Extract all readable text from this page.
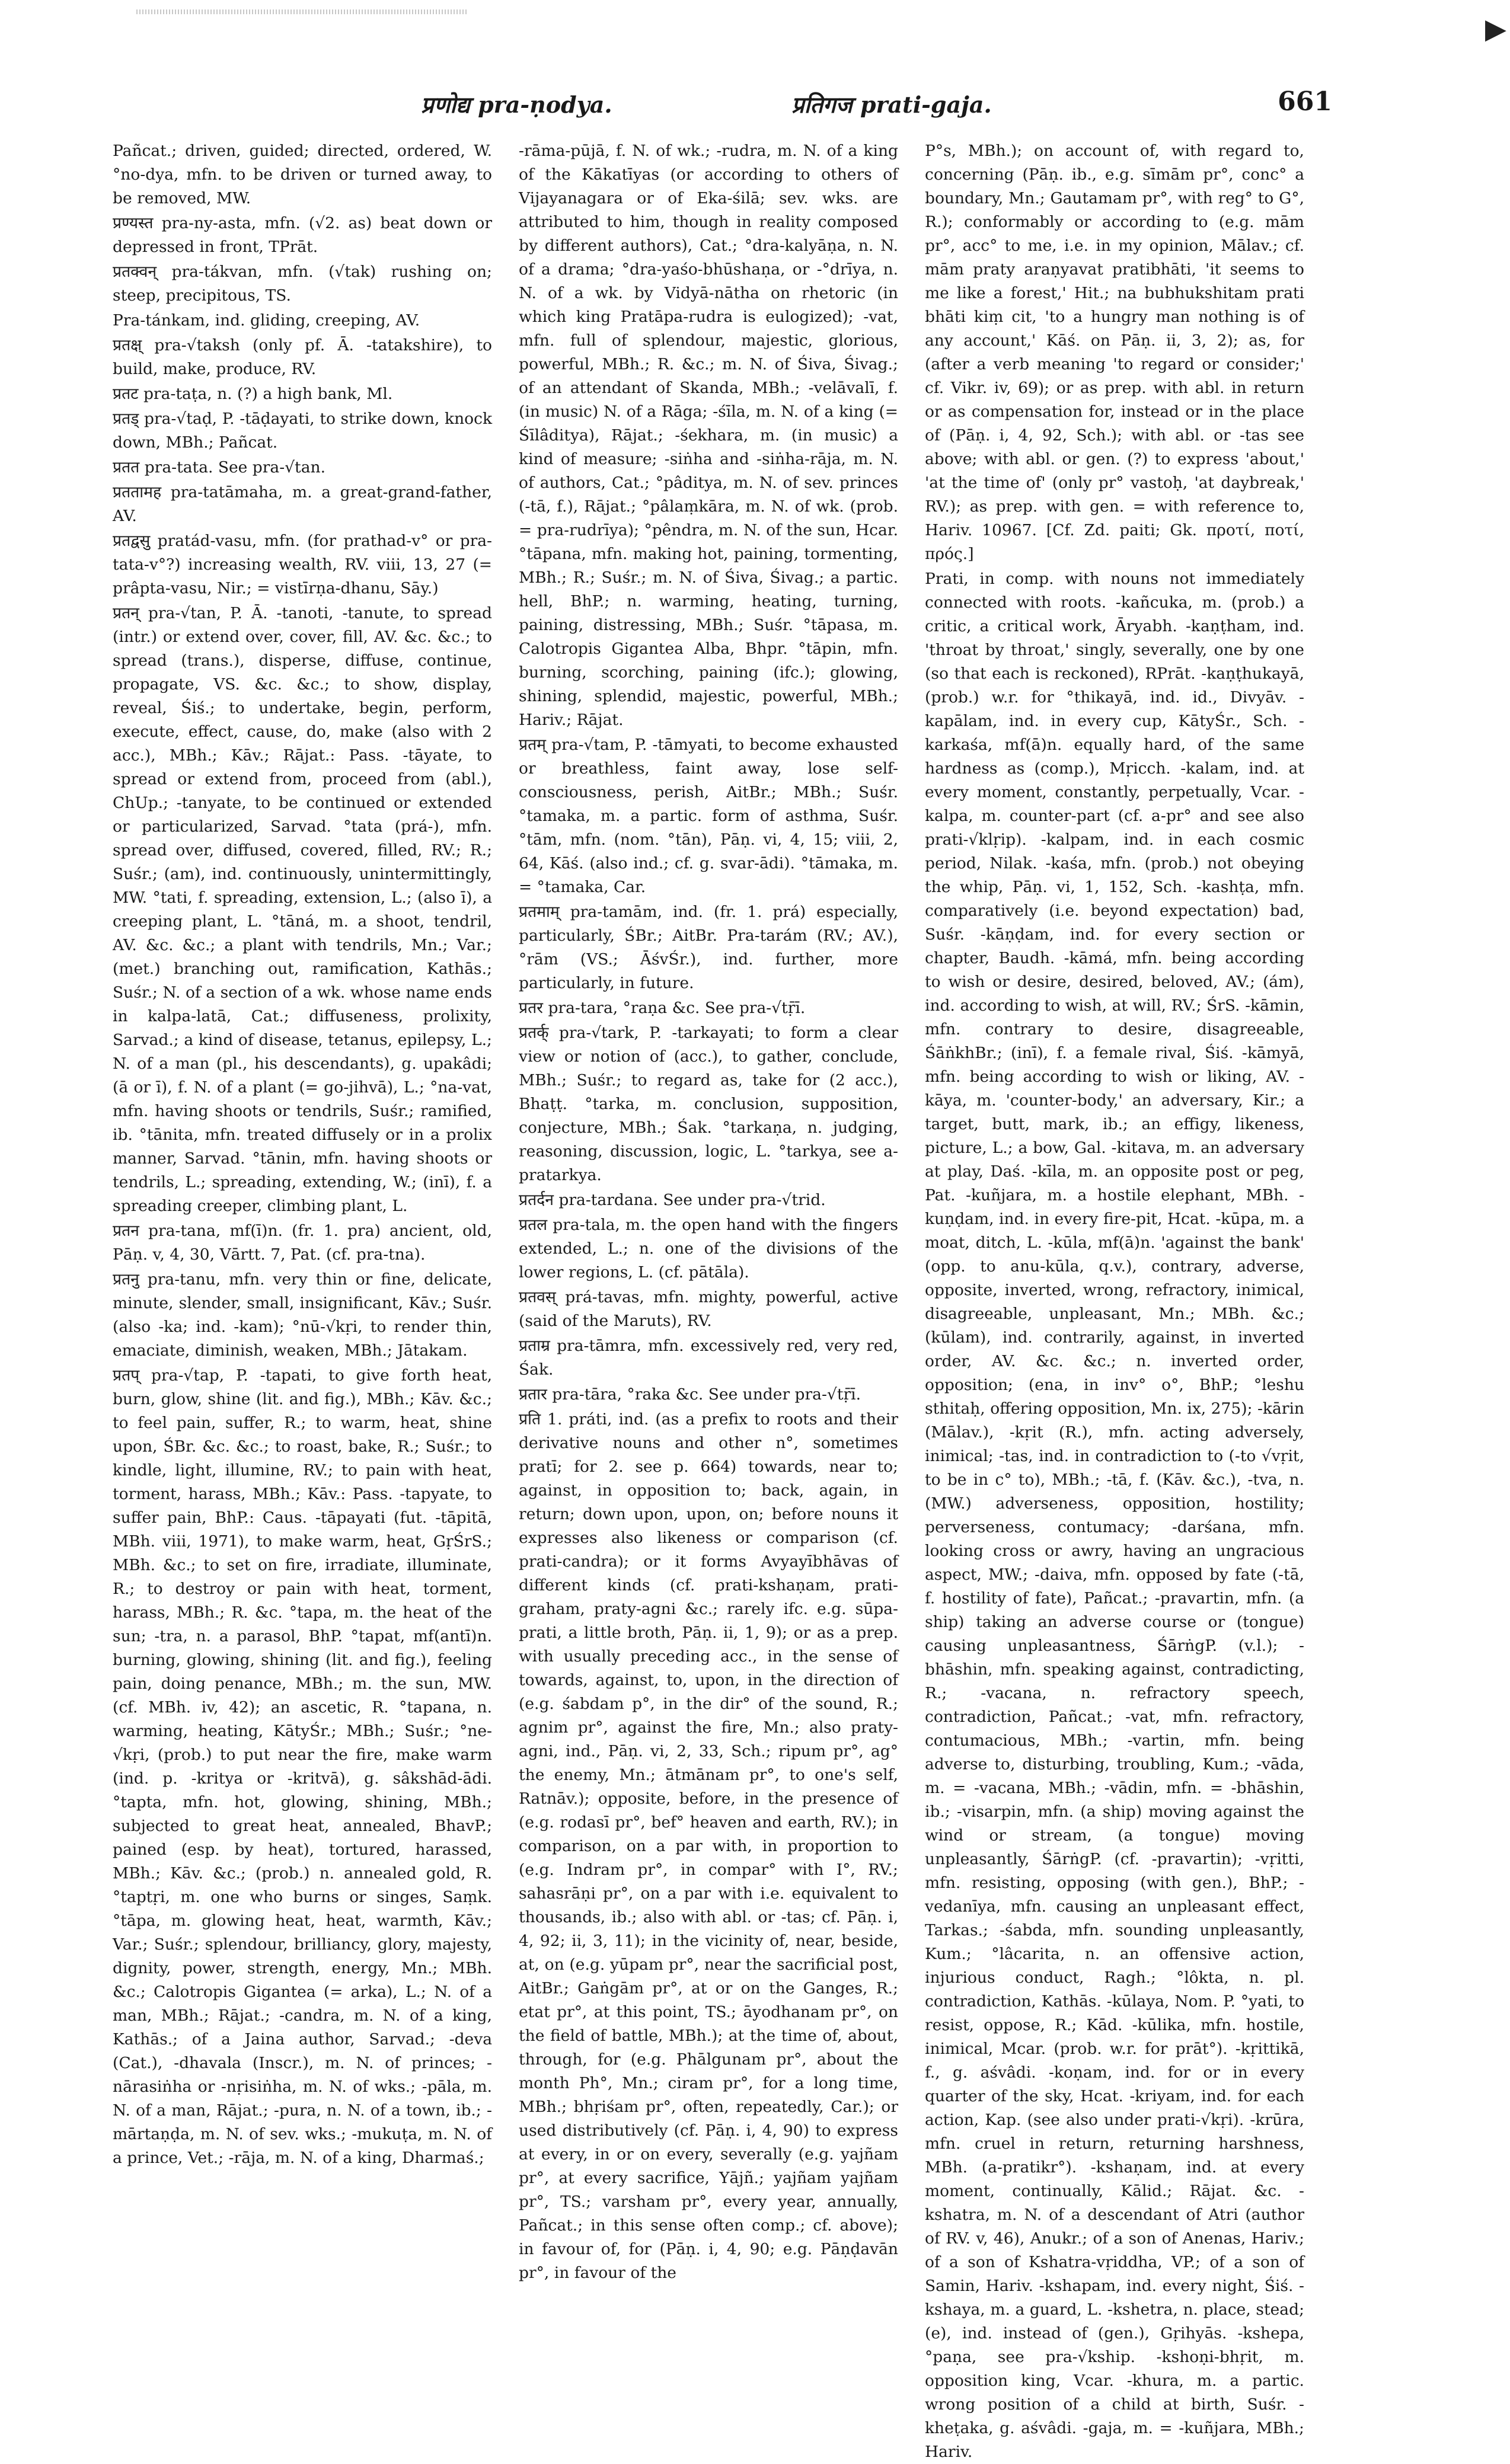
▸
प्रणोद्य pra-ṇodya.	प्रतिगज prati-gaja.	661

Pañcat.; driven, guided; directed, ordered, W. °no-dya, mfn. to be driven or turned away, to be removed, MW.

प्रण्यस्त pra-ny-asta, mfn. (√2. as) beat down or depressed in front, TPrāt.

प्रतक्वन् pra-tákvan, mfn. (√tak) rushing on; steep, precipitous, TS.

Pra-tánkam, ind. gliding, creeping, AV.

प्रतक्ष् pra-√taksh (only pf. Ā. -tatakshire), to build, make, produce, RV.

प्रतट pra-taṭa, n. (?) a high bank, Ml.

प्रतड् pra-√taḍ, P. -tāḍayati, to strike down, knock down, MBh.; Pañcat.

प्रतत pra-tata. See pra-√tan.

प्रततामह pra-tatāmaha, m. a great-grand-father, AV.

प्रतद्वसु pratád-vasu, mfn. (for prathad-v° or pra-tata-v°?) increasing wealth, RV. viii, 13, 27 (= prâpta-vasu, Nir.; = vistīrṇa-dhanu, Sāy.)

प्रतन् pra-√tan, P. Ā. -tanoti, -tanute, to spread (intr.) or extend over, cover, fill, AV. &c. &c.; to spread (trans.), disperse, diffuse, continue, propagate, VS. &c. &c.; to show, display, reveal, Śiś.; to undertake, begin, perform, execute, effect, cause, do, make (also with 2 acc.), MBh.; Kāv.; Rājat.: Pass. -tāyate, to spread or extend from, proceed from (abl.), ChUp.; -tanyate, to be continued or extended or particularized, Sarvad. °tata (prá-), mfn. spread over, diffused, covered, filled, RV.; R.; Suśr.; (am), ind. continuously, unintermittingly, MW. °tati, f. spreading, extension, L.; (also ī), a creeping plant, L. °tāná, m. a shoot, tendril, AV. &c. &c.; a plant with tendrils, Mn.; Var.; (met.) branching out, ramification, Kathās.; Suśr.; N. of a section of a wk. whose name ends in kalpa-latā, Cat.; diffuseness, prolixity, Sarvad.; a kind of disease, tetanus, epilepsy, L.; N. of a man (pl., his descendants), g. upakâdi; (ā or ī), f. N. of a plant (= go-jihvā), L.; °na-vat, mfn. having shoots or tendrils, Suśr.; ramified, ib. °tānita, mfn. treated diffusely or in a prolix manner, Sarvad. °tānin, mfn. having shoots or tendrils, L.; spreading, extending, W.; (inī), f. a spreading creeper, climbing plant, L.

प्रतन pra-tana, mf(ī)n. (fr. 1. pra) ancient, old, Pāṇ. v, 4, 30, Vārtt. 7, Pat. (cf. pra-tna).

प्रतनु pra-tanu, mfn. very thin or fine, delicate, minute, slender, small, insignificant, Kāv.; Suśr. (also -ka; ind. -kam); °nū-√kṛi, to render thin, emaciate, diminish, weaken, MBh.; Jātakam.

प्रतप् pra-√tap, P. -tapati, to give forth heat, burn, glow, shine (lit. and fig.), MBh.; Kāv. &c.; to feel pain, suffer, R.; to warm, heat, shine upon, ŚBr. &c. &c.; to roast, bake, R.; Suśr.; to kindle, light, illumine, RV.; to pain with heat, torment, harass, MBh.; Kāv.: Pass. -tapyate, to suffer pain, BhP.: Caus. -tāpayati (fut. -tāpitā, MBh. viii, 1971), to make warm, heat, GṛŚrS.; MBh. &c.; to set on fire, irradiate, illuminate, R.; to destroy or pain with heat, torment, harass, MBh.; R. &c. °tapa, m. the heat of the sun; -tra, n. a parasol, BhP. °tapat, mf(antī)n. burning, glowing, shining (lit. and fig.), feeling pain, doing penance, MBh.; m. the sun, MW. (cf. MBh. iv, 42); an ascetic, R. °tapana, n. warming, heating, KātyŚr.; MBh.; Suśr.; °ne-√kṛi, (prob.) to put near the fire, make warm (ind. p. -kritya or -kritvā), g. sâkshād-ādi. °tapta, mfn. hot, glowing, shining, MBh.; subjected to great heat, annealed, BhavP.; pained (esp. by heat), tortured, harassed, MBh.; Kāv. &c.; (prob.) n. annealed gold, R. °taptṛi, m. one who burns or singes, Saṃk. °tāpa, m. glowing heat, heat, warmth, Kāv.; Var.; Suśr.; splendour, brilliancy, glory, majesty, dignity, power, strength, energy, Mn.; MBh. &c.; Calotropis Gigantea (= arka), L.; N. of a man, MBh.; Rājat.; -candra, m. N. of a king, Kathās.; of a Jaina author, Sarvad.; -deva (Cat.), -dhavala (Inscr.), m. N. of princes; -nārasiṅha or -nṛisiṅha, m. N. of wks.; -pāla, m. N. of a man, Rājat.; -pura, n. N. of a town, ib.; -mārtaṇḍa, m. N. of sev. wks.; -mukuṭa, m. N. of a prince, Vet.; -rāja, m. N. of a king, Dharmaś.;

-rāma-pūjā, f. N. of wk.; -rudra, m. N. of a king of the Kākatīyas (or according to others of Vijayanagara or of Eka-śilā; sev. wks. are attributed to him, though in reality composed by different authors), Cat.; °dra-kalyāṇa, n. N. of a drama; °dra-yaśo-bhūshaṇa, or -°drīya, n. N. of a wk. by Vidyā-nātha on rhetoric (in which king Pratāpa-rudra is eulogized); -vat, mfn. full of splendour, majestic, glorious, powerful, MBh.; R. &c.; m. N. of Śiva, Śivag.; of an attendant of Skanda, MBh.; -velāvalī, f. (in music) N. of a Rāga; -śīla, m. N. of a king (= Śīlâditya), Rājat.; -śekhara, m. (in music) a kind of measure; -siṅha and -siṅha-rāja, m. N. of authors, Cat.; °pâditya, m. N. of sev. princes (-tā, f.), Rājat.; °pâlaṃkāra, m. N. of wk. (prob. = pra-rudrīya); °pêndra, m. N. of the sun, Hcar. °tāpana, mfn. making hot, paining, tormenting, MBh.; R.; Suśr.; m. N. of Śiva, Śivag.; a partic. hell, BhP.; n. warming, heating, turning, paining, distressing, MBh.; Suśr. °tāpasa, m. Calotropis Gigantea Alba, Bhpr. °tāpin, mfn. burning, scorching, paining (ifc.); glowing, shining, splendid, majestic, powerful, MBh.; Hariv.; Rājat.

प्रतम् pra-√tam, P. -tāmyati, to become exhausted or breathless, faint away, lose self-consciousness, perish, AitBr.; MBh.; Suśr. °tamaka, m. a partic. form of asthma, Suśr. °tām, mfn. (nom. °tān), Pāṇ. vi, 4, 15; viii, 2, 64, Kāś. (also ind.; cf. g. svar-ādi). °tāmaka, m. = °tamaka, Car.

प्रतमाम् pra-tamām, ind. (fr. 1. prá) especially, particularly, ŚBr.; AitBr. Pra-tarám (RV.; AV.), °rām (VS.; ĀśvŚr.), ind. further, more particularly, in future.

प्रतर pra-tara, °raṇa &c. See pra-√tṝī.

प्रतर्क् pra-√tark, P. -tarkayati; to form a clear view or notion of (acc.), to gather, conclude, MBh.; Suśr.; to regard as, take for (2 acc.), Bhaṭṭ. °tarka, m. conclusion, supposition, conjecture, MBh.; Śak. °tarkaṇa, n. judging, reasoning, discussion, logic, L. °tarkya, see a-pratarkya.

प्रतर्दन pra-tardana. See under pra-√trid.

प्रतल pra-tala, m. the open hand with the fingers extended, L.; n. one of the divisions of the lower regions, L. (cf. pātāla).

प्रतवस् prá-tavas, mfn. mighty, powerful, active (said of the Maruts), RV.

प्रताम्र pra-tāmra, mfn. excessively red, very red, Śak.

प्रतार pra-tāra, °raka &c. See under pra-√tṝī.

प्रति 1. práti, ind. (as a prefix to roots and their derivative nouns and other n°, sometimes pratī; for 2. see p. 664) towards, near to; against, in opposition to; back, again, in return; down upon, upon, on; before nouns it expresses also likeness or comparison (cf. prati-candra); or it forms Avyayībhāvas of different kinds (cf. prati-kshaṇam, prati-graham, praty-agni &c.; rarely ifc. e.g. sūpa-prati, a little broth, Pāṇ. ii, 1, 9); or as a prep. with usually preceding acc., in the sense of towards, against, to, upon, in the direction of (e.g. śabdam p°, in the dir° of the sound, R.; agnim pr°, against the fire, Mn.; also praty-agni, ind., Pāṇ. vi, 2, 33, Sch.; ripum pr°, ag° the enemy, Mn.; ātmānam pr°, to one's self, Ratnāv.); opposite, before, in the presence of (e.g. rodasī pr°, bef° heaven and earth, RV.); in comparison, on a par with, in proportion to (e.g. Indram pr°, in compar° with I°, RV.; sahasrāṇi pr°, on a par with i.e. equivalent to thousands, ib.; also with abl. or -tas; cf. Pāṇ. i, 4, 92; ii, 3, 11); in the vicinity of, near, beside, at, on (e.g. yūpam pr°, near the sacrificial post, AitBr.; Gaṅgām pr°, at or on the Ganges, R.; etat pr°, at this point, TS.; āyodhanam pr°, on the field of battle, MBh.); at the time of, about, through, for (e.g. Phālgunam pr°, about the month Ph°, Mn.; ciram pr°, for a long time, MBh.; bhṛiśam pr°, often, repeatedly, Car.); or used distributively (cf. Pāṇ. i, 4, 90) to express at every, in or on every, severally (e.g. yajñam pr°, at every sacrifice, Yājñ.; yajñam yajñam pr°, TS.; varsham pr°, every year, annually, Pañcat.; in this sense often comp.; cf. above); in favour of, for (Pāṇ. i, 4, 90; e.g. Pāṇḍavān pr°, in favour of the

P°s, MBh.); on account of, with regard to, concerning (Pāṇ. ib., e.g. sīmām pr°, conc° a boundary, Mn.; Gautamam pr°, with reg° to G°, R.); conformably or according to (e.g. mām pr°, acc° to me, i.e. in my opinion, Mālav.; cf. mām praty araṇyavat pratibhāti, 'it seems to me like a forest,' Hit.; na bubhukshitam prati bhāti kiṃ cit, 'to a hungry man nothing is of any account,' Kāś. on Pāṇ. ii, 3, 2); as, for (after a verb meaning 'to regard or consider;' cf. Vikr. iv, 69); or as prep. with abl. in return or as compensation for, instead or in the place of (Pāṇ. i, 4, 92, Sch.); with abl. or -tas see above; with abl. or gen. (?) to express 'about,' 'at the time of' (only pr° vastoḥ, 'at daybreak,' RV.); as prep. with gen. = with reference to, Hariv. 10967. [Cf. Zd. paiti; Gk. προτί, ποτί, πρός.]

Prati, in comp. with nouns not immediately connected with roots. -kañcuka, m. (prob.) a critic, a critical work, Āryabh. -kaṇṭham, ind. 'throat by throat,' singly, severally, one by one (so that each is reckoned), RPrāt. -kaṇṭhukayā, (prob.) w.r. for °thikayā, ind. id., Divyāv. -kapālam, ind. in every cup, KātyŚr., Sch. -karkaśa, mf(ā)n. equally hard, of the same hardness as (comp.), Mṛicch. -kalam, ind. at every moment, constantly, perpetually, Vcar. -kalpa, m. counter-part (cf. a-pr° and see also prati-√klṛip). -kalpam, ind. in each cosmic period, Nilak. -kaśa, mfn. (prob.) not obeying the whip, Pāṇ. vi, 1, 152, Sch. -kashṭa, mfn. comparatively (i.e. beyond expectation) bad, Suśr. -kāṇḍam, ind. for every section or chapter, Baudh. -kāmá, mfn. being according to wish or desire, desired, beloved, AV.; (ám), ind. according to wish, at will, RV.; ŚrS. -kāmin, mfn. contrary to desire, disagreeable, ŚāṅkhBr.; (inī), f. a female rival, Śiś. -kāmyā, mfn. being according to wish or liking, AV. -kāya, m. 'counter-body,' an adversary, Kir.; a target, butt, mark, ib.; an effigy, likeness, picture, L.; a bow, Gal. -kitava, m. an adversary at play, Daś. -kīla, m. an opposite post or peg, Pat. -kuñjara, m. a hostile elephant, MBh. -kuṇḍam, ind. in every fire-pit, Hcat. -kūpa, m. a moat, ditch, L. -kūla, mf(ā)n. 'against the bank' (opp. to anu-kūla, q.v.), contrary, adverse, opposite, inverted, wrong, refractory, inimical, disagreeable, unpleasant, Mn.; MBh. &c.; (kūlam), ind. contrarily, against, in inverted order, AV. &c. &c.; n. inverted order, opposition; (ena, in inv° o°, BhP.; °leshu sthitaḥ, offering opposition, Mn. ix, 275); -kārin (Mālav.), -kṛit (R.), mfn. acting adversely, inimical; -tas, ind. in contradiction to (-to √vṛit, to be in c° to), MBh.; -tā, f. (Kāv. &c.), -tva, n. (MW.) adverseness, opposition, hostility; perverseness, contumacy; -darśana, mfn. looking cross or awry, having an ungracious aspect, MW.; -daiva, mfn. opposed by fate (-tā, f. hostility of fate), Pañcat.; -pravartin, mfn. (a ship) taking an adverse course or (tongue) causing unpleasantness, ŚārṅgP. (v.l.); -bhāshin, mfn. speaking against, contradicting, R.; -vacana, n. refractory speech, contradiction, Pañcat.; -vat, mfn. refractory, contumacious, MBh.; -vartin, mfn. being adverse to, disturbing, troubling, Kum.; -vāda, m. = -vacana, MBh.; -vādin, mfn. = -bhāshin, ib.; -visarpin, mfn. (a ship) moving against the wind or stream, (a tongue) moving unpleasantly, ŚārṅgP. (cf. -pravartin); -vṛitti, mfn. resisting, opposing (with gen.), BhP.; -vedanīya, mfn. causing an unpleasant effect, Tarkas.; -śabda, mfn. sounding unpleasantly, Kum.; °lâcarita, n. an offensive action, injurious conduct, Ragh.; °lôkta, n. pl. contradiction, Kathās. -kūlaya, Nom. P. °yati, to resist, oppose, R.; Kād. -kūlika, mfn. hostile, inimical, Mcar. (prob. w.r. for prāt°). -kṛittikā, f., g. aśvâdi. -koṇam, ind. for or in every quarter of the sky, Hcat. -kriyam, ind. for each action, Kap. (see also under prati-√kṛi). -krūra, mfn. cruel in return, returning harshness, MBh. (a-pratikr°). -kshaṇam, ind. at every moment, continually, Kālid.; Rājat. &c. -kshatra, m. N. of a descendant of Atri (author of RV. v, 46), Anukr.; of a son of Anenas, Hariv.; of a son of Kshatra-vṛiddha, VP.; of a son of Samin, Hariv. -kshapam, ind. every night, Śiś. -kshaya, m. a guard, L. -kshetra, n. place, stead; (e), ind. instead of (gen.), Gṛihyās. -kshepa, °paṇa, see pra-√kship. -kshoṇi-bhṛit, m. opposition king, Vcar. -khura, m. a partic. wrong position of a child at birth, Suśr. -kheṭaka, g. aśvâdi. -gaja, m. = -kuñjara, MBh.; Hariv.
